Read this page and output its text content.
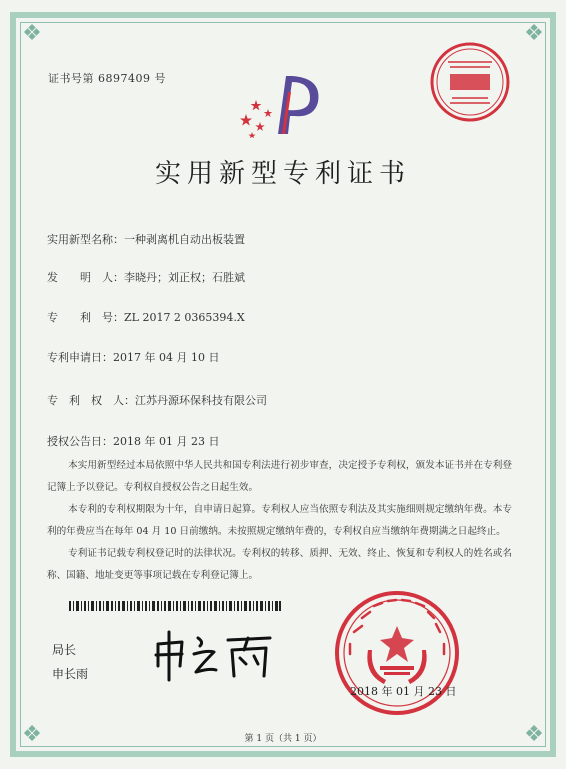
❖	❖
❖	❖
证书号第 6897409 号
实用新型专利证书
实用新型名称：一种剥离机自动出板装置
发　　明　人：李晓丹；刘正权；石胜斌
专　　利　号：ZL 2017 2 0365394.X
专利申请日：2017 年 04 月 10 日
专　利　权　人：江苏丹源环保科技有限公司
授权公告日：2018 年 01 月 23 日

本实用新型经过本局依照中华人民共和国专利法进行初步审查，决定授予专利权，颁发本证书并在专利登记簿上予以登记。专利权自授权公告之日起生效。

本专利的专利权期限为十年，自申请日起算。专利权人应当依照专利法及其实施细则规定缴纳年费。本专利的年费应当在每年 04 月 10 日前缴纳。未按照规定缴纳年费的，专利权自应当缴纳年费期满之日起终止。

专利证书记载专利权登记时的法律状况。专利权的转移、质押、无效、终止、恢复和专利权人的姓名或名称、国籍、地址变更等事项记载在专利登记簿上。

局长
申长雨
2018 年 01 月 23 日
第 1 页（共 1 页）
